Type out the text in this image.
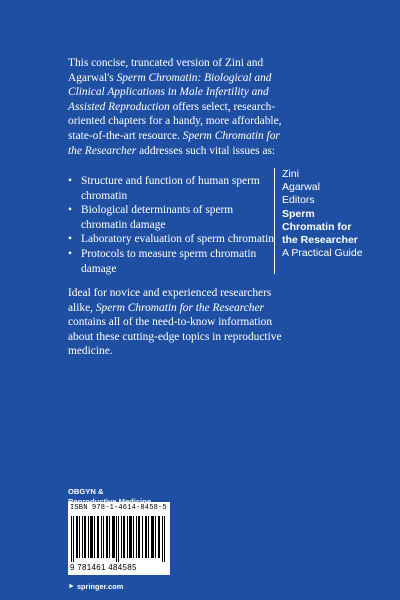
This concise, truncated version of Zini and Agarwal's Sperm Chromatin: Biological and Clinical Applications in Male Infertility and Assisted Reproduction offers select, research-oriented chapters for a handy, more affordable, state-of-the-art resource. Sperm Chromatin for the Researcher addresses such vital issues as:

• Structure and function of human sperm chromatin
• Biological determinants of sperm chromatin damage
• Laboratory evaluation of sperm chromatin
• Protocols to measure sperm chromatin damage

Ideal for novice and experienced researchers alike, Sperm Chromatin for the Researcher contains all of the need-to-know information about these cutting-edge topics in reproductive medicine.

Zini
Agarwal
Editors
Sperm
Chromatin for
the Researcher
A Practical Guide
OBGYN &
ISBN 978-1-4614-8458-5
9 781461 484585
► springer.com
